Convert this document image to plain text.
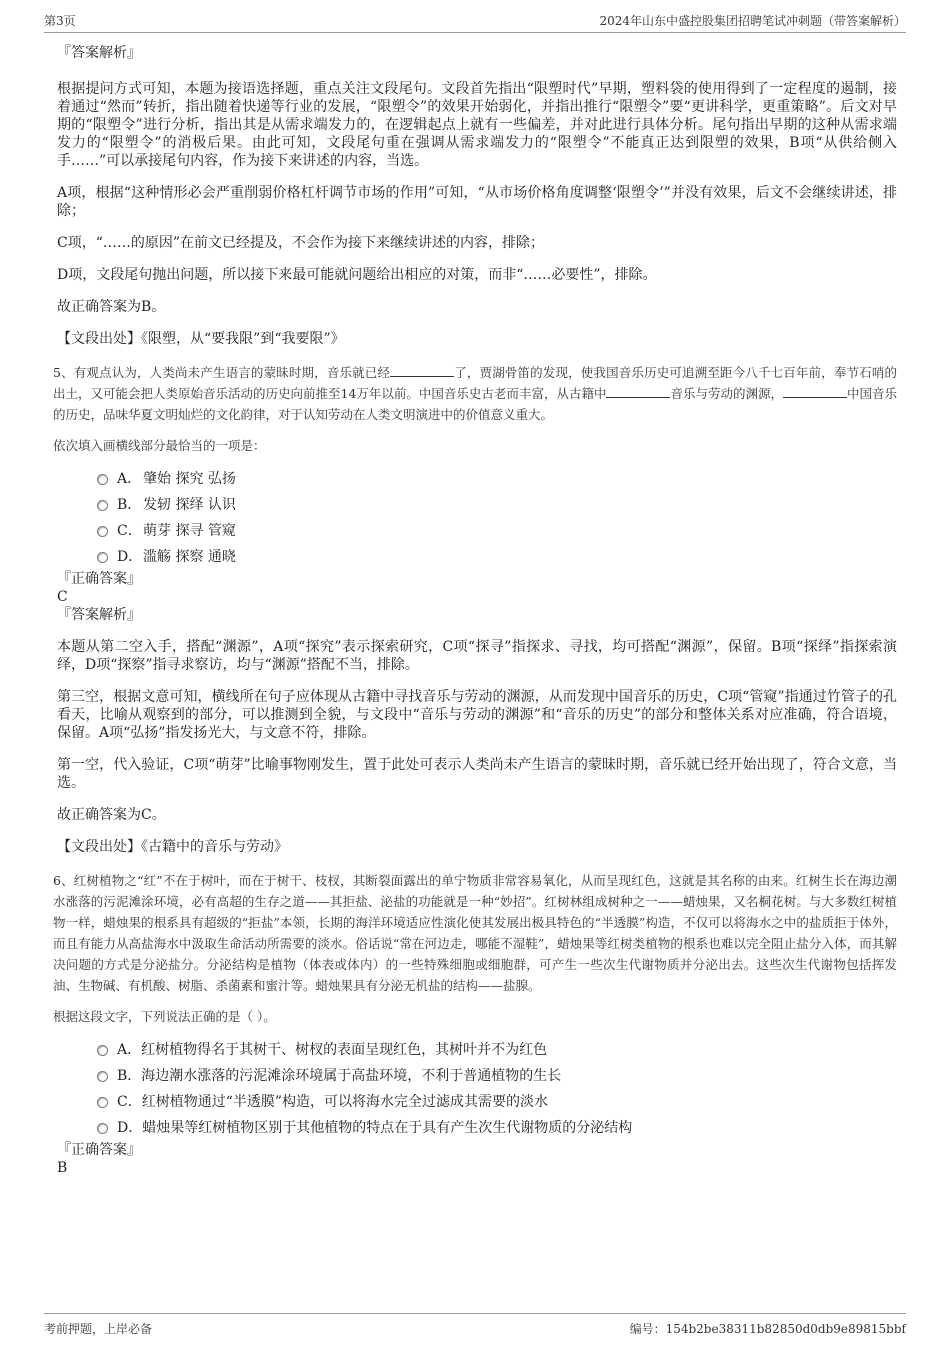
第3页	2024年山东中盛控股集团招聘笔试冲刺题（带答案解析）

『答案解析』

根据提问方式可知，本题为接语选择题，重点关注文段尾句。文段首先指出“限塑时代”早期，塑料袋的使用得到了一定程度的遏制，接着通过“然而”转折，指出随着快递等行业的发展，“限塑令”的效果开始弱化，并指出推行“限塑令”要“更讲科学，更重策略”。后文对早期的“限塑令”进行分析，指出其是从需求端发力的，在逻辑起点上就有一些偏差，并对此进行具体分析。尾句指出早期的这种从需求端发力的“限塑令”的消极后果。由此可知，文段尾句重在强调从需求端发力的“限塑令”不能真正达到限塑的效果，B项“从供给侧入手……”可以承接尾句内容，作为接下来讲述的内容，当选。

A项，根据“这种情形必会严重削弱价格杠杆调节市场的作用”可知，“从市场价格角度调整‘限塑令’”并没有效果，后文不会继续讲述，排除；

C项，“……的原因”在前文已经提及，不会作为接下来继续讲述的内容，排除；

D项，文段尾句抛出问题，所以接下来最可能就问题给出相应的对策，而非“……必要性”，排除。

故正确答案为B。

【文段出处】《限塑，从“要我限”到“我要限”》

5、有观点认为，人类尚未产生语言的蒙昧时期，音乐就已经	了，贾湖骨笛的发现，使我国音乐历史可追溯至距今八千七百年前，奉节石哨的出土，又可能会把人类原始音乐活动的历史向前推至14万年以前。中国音乐史古老而丰富，从古籍中	音乐与劳动的渊源，	中国音乐的历史，品味华夏文明灿烂的文化韵律，对于认知劳动在人类文明演进中的价值意义重大。

依次填入画横线部分最恰当的一项是：

A． 肇始 探究 弘扬
B． 发轫 探绎 认识
C．萌芽 探寻 管窥
D．滥觞 探察 通晓

『正确答案』

C

『答案解析』

本题从第二空入手，搭配“渊源”，A项“探究”表示探索研究，C项“探寻”指探求、寻找，均可搭配“渊源”，保留。B项“探绎”指探索演绎，D项“探察”指寻求察访，均与“渊源”搭配不当，排除。

第三空，根据文意可知，横线所在句子应体现从古籍中寻找音乐与劳动的渊源，从而发现中国音乐的历史，C项“管窥”指通过竹管子的孔看天，比喻从观察到的部分，可以推测到全貌，与文段中“音乐与劳动的渊源”和“音乐的历史”的部分和整体关系对应准确，符合语境，保留。A项“弘扬”指发扬光大，与文意不符，排除。

第一空，代入验证，C项“萌芽”比喻事物刚发生，置于此处可表示人类尚未产生语言的蒙昧时期，音乐就已经开始出现了，符合文意，当选。

故正确答案为C。

【文段出处】《古籍中的音乐与劳动》

6、红树植物之“红”不在于树叶，而在于树干、枝杈，其断裂面露出的单宁物质非常容易氧化，从而呈现红色，这就是其名称的由来。红树生长在海边潮水涨落的污泥滩涂环境，必有高超的生存之道——其拒盐、泌盐的功能就是一种“妙招”。红树林组成树种之一——蜡烛果，又名桐花树。与大多数红树植物一样，蜡烛果的根系具有超级的“拒盐”本领，长期的海洋环境适应性演化使其发展出极具特色的“半透膜”构造，不仅可以将海水之中的盐质拒于体外，而且有能力从高盐海水中汲取生命活动所需要的淡水。俗话说“常在河边走，哪能不湿鞋”，蜡烛果等红树类植物的根系也难以完全阻止盐分入体，而其解决问题的方式是分泌盐分。分泌结构是植物（体表或体内）的一些特殊细胞或细胞群，可产生一些次生代谢物质并分泌出去。这些次生代谢物包括挥发油、生物碱、有机酸、树脂、杀菌素和蜜汁等。蜡烛果具有分泌无机盐的结构——盐腺。

根据这段文字，下列说法正确的是（ ）。

A．红树植物得名于其树干、树杈的表面呈现红色，其树叶并不为红色
B．海边潮水涨落的污泥滩涂环境属于高盐环境，不利于普通植物的生长
C．红树植物通过“半透膜”构造，可以将海水完全过滤成其需要的淡水
D．蜡烛果等红树植物区别于其他植物的特点在于具有产生次生代谢物质的分泌结构

『正确答案』

B

考前押题，上岸必备	编号：154b2be38311b82850d0db9e89815bbf
